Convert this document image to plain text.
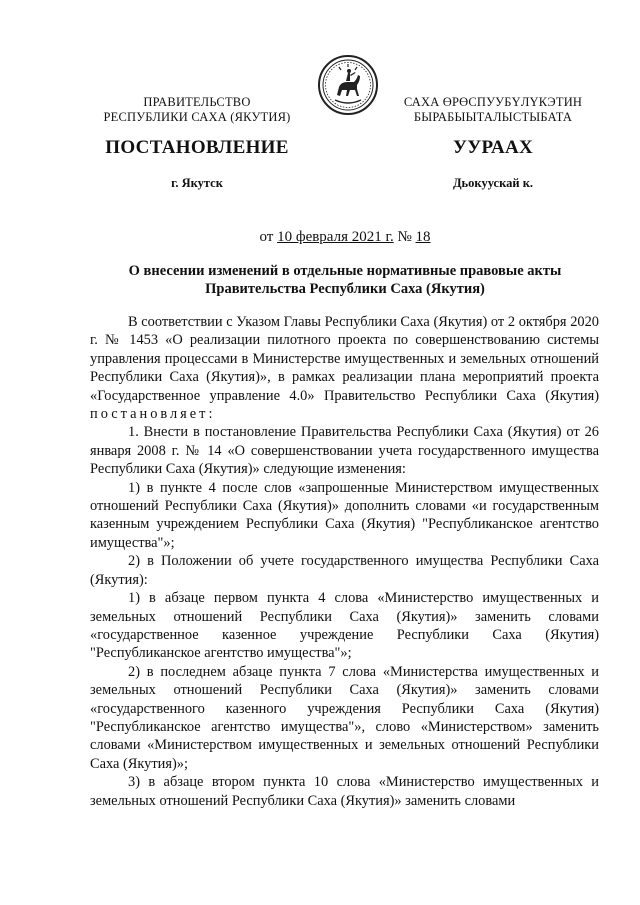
ПРАВИТЕЛЬСТВО
РЕСПУБЛИКИ САХА (ЯКУТИЯ)
САХА ӨРӨСПУУБҮЛҮКЭТИН
БЫРАБЫЫТАЛЫСТЫБАТА
ПОСТАНОВЛЕНИЕ	УУРААХ
г. Якутск	Дьокуускай к.
от 10 февраля 2021 г. № 18
О внесении изменений в отдельные нормативные правовые акты
Правительства Республики Саха (Якутия)

В соответствии с Указом Главы Республики Саха (Якутия) от 2 октября 2020 г. № 1453 «О реализации пилотного проекта по совершенствованию системы управления процессами в Министерстве имущественных и земельных отношений Республики Саха (Якутия)», в рамках реализации плана мероприятий проекта «Государственное управление 4.0» Правительство Республики Саха (Якутия) постановляет:

1. Внести в постановление Правительства Республики Саха (Якутия) от 26 января 2008 г. № 14 «О совершенствовании учета государственного имущества Республики Саха (Якутия)» следующие изменения:

1) в пункте 4 после слов «запрошенные Министерством имущественных отношений Республики Саха (Якутия)» дополнить словами «и государственным казенным учреждением Республики Саха (Якутия) "Республиканское агентство имущества"»;

2) в Положении об учете государственного имущества Республики Саха (Якутия):

1) в абзаце первом пункта 4 слова «Министерство имущественных и земельных отношений Республики Саха (Якутия)» заменить словами «государственное казенное учреждение Республики Саха (Якутия) "Республиканское агентство имущества"»;

2) в последнем абзаце пункта 7 слова «Министерства имущественных и земельных отношений Республики Саха (Якутия)» заменить словами «государственного казенного учреждения Республики Саха (Якутия) "Республиканское агентство имущества"», слово «Министерством» заменить словами «Министерством имущественных и земельных отношений Республики Саха (Якутия)»;

3) в абзаце втором пункта 10 слова «Министерство имущественных и земельных отношений Республики Саха (Якутия)» заменить словами
